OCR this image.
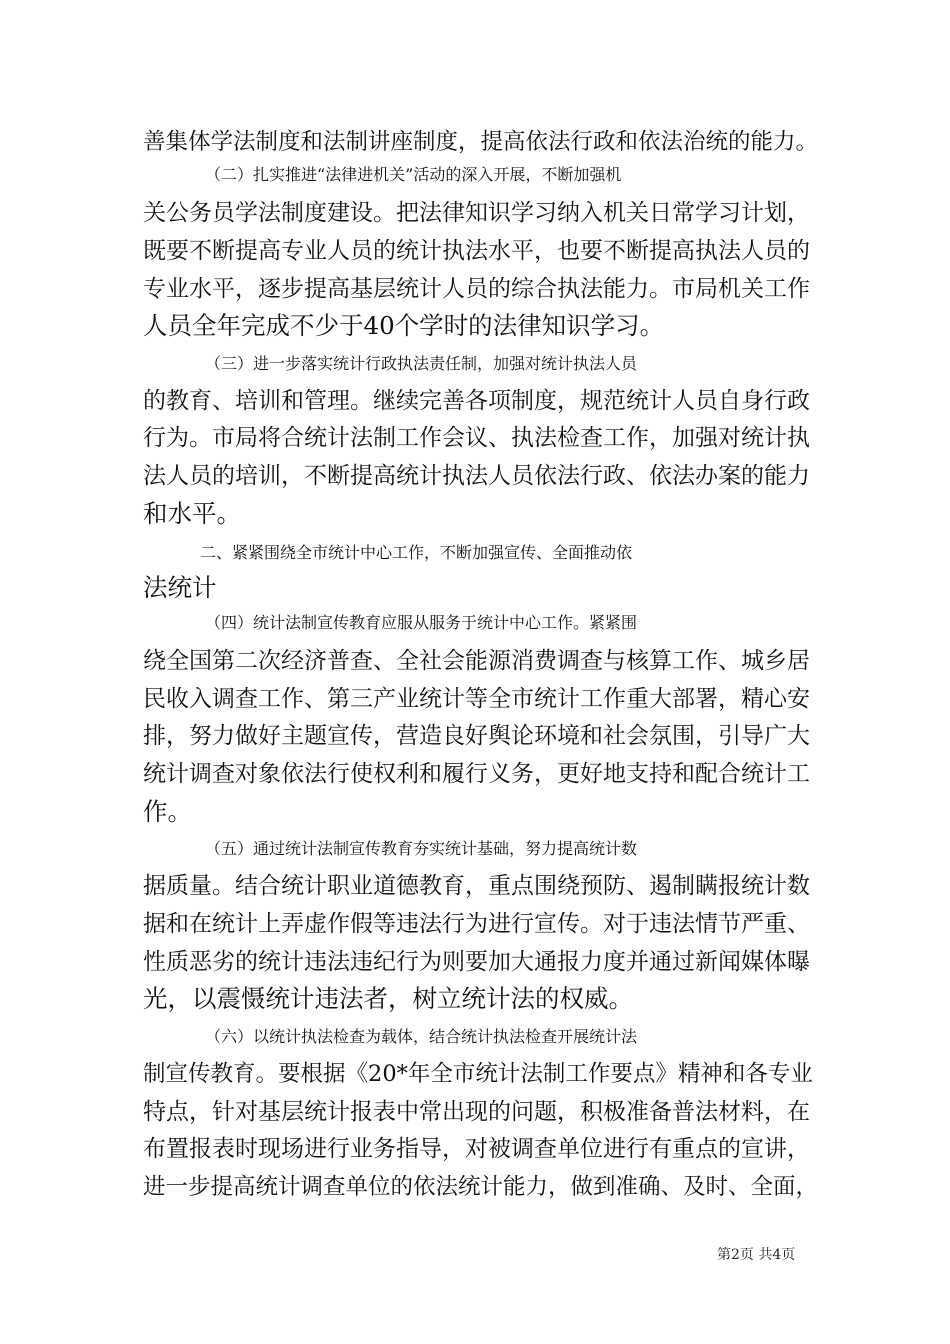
善集体学法制度和法制讲座制度，提高依法行政和依法治统的能力。
（二）扎实推进“法律进机关”活动的深入开展，不断加强机
关公务员学法制度建设。把法律知识学习纳入机关日常学习计划，
既要不断提高专业人员的统计执法水平，也要不断提高执法人员的
专业水平，逐步提高基层统计人员的综合执法能力。市局机关工作
人员全年完成不少于40个学时的法律知识学习。
（三）进一步落实统计行政执法责任制，加强对统计执法人员
的教育、培训和管理。继续完善各项制度，规范统计人员自身行政
行为。市局将合统计法制工作会议、执法检查工作，加强对统计执
法人员的培训，不断提高统计执法人员依法行政、依法办案的能力
和水平。
二、紧紧围绕全市统计中心工作，不断加强宣传、全面推动依
法统计
（四）统计法制宣传教育应服从服务于统计中心工作。紧紧围
绕全国第二次经济普查、全社会能源消费调查与核算工作、城乡居
民收入调查工作、第三产业统计等全市统计工作重大部署，精心安
排，努力做好主题宣传，营造良好舆论环境和社会氛围，引导广大
统计调查对象依法行使权利和履行义务，更好地支持和配合统计工
作。
（五）通过统计法制宣传教育夯实统计基础，努力提高统计数
据质量。结合统计职业道德教育，重点围绕预防、遏制瞒报统计数
据和在统计上弄虚作假等违法行为进行宣传。对于违法情节严重、
性质恶劣的统计违法违纪行为则要加大通报力度并通过新闻媒体曝
光，以震慑统计违法者，树立统计法的权威。
（六）以统计执法检查为载体，结合统计执法检查开展统计法
制宣传教育。要根据《20*年全市统计法制工作要点》精神和各专业
特点，针对基层统计报表中常出现的问题，积极准备普法材料，在
布置报表时现场进行业务指导，对被调查单位进行有重点的宣讲，
进一步提高统计调查单位的依法统计能力，做到准确、及时、全面，
第2页 共4页
